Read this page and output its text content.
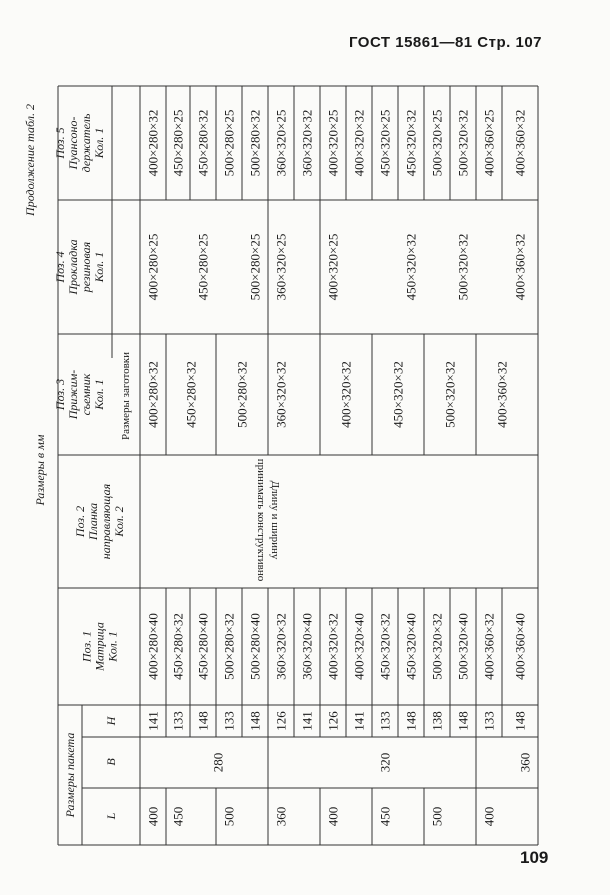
ГОСТ 15861—81 Стр. 107
Размеры пакета L
B
H
Поз. 1 Матрица Кол. 1
Поз. 2 Планка направляющая Кол. 2
Поз. 3 Прижим- съемник Кол. 1
Поз. 4 Прокладка резиновая Кол. 1
Поз. 5 Пуансоно- держатель Кол. 1
Размеры заготовки
Размеры в мм
Продолжение табл. 2
Длину и ширину
принимать конструктивно
400
141
400×280×40
400×280×32
400×280×25
400×280×32
450
133
450×280×32
450×280×32
450×280×25
280
148
450×280×40
450×280×25
450×280×32
500
133
500×280×32
500×280×32
500×280×25
148
500×280×40
500×280×25
500×280×32
360
126
360×320×32
360×320×32
360×320×25
360×320×25
141
360×320×40
360×320×32
400
126
400×320×32
400×320×32
400×320×25
400×320×25
320
141
400×320×40
400×320×32
450
133
450×320×32
450×320×32
450×320×25
148
450×320×40
450×320×32
450×320×32
500
138
500×320×32
500×320×32
500×320×25
148
500×320×40
500×320×32
500×320×32
400
133
400×360×32
400×360×32
400×360×25
360
148
400×360×40
400×360×32
400×360×32
109
